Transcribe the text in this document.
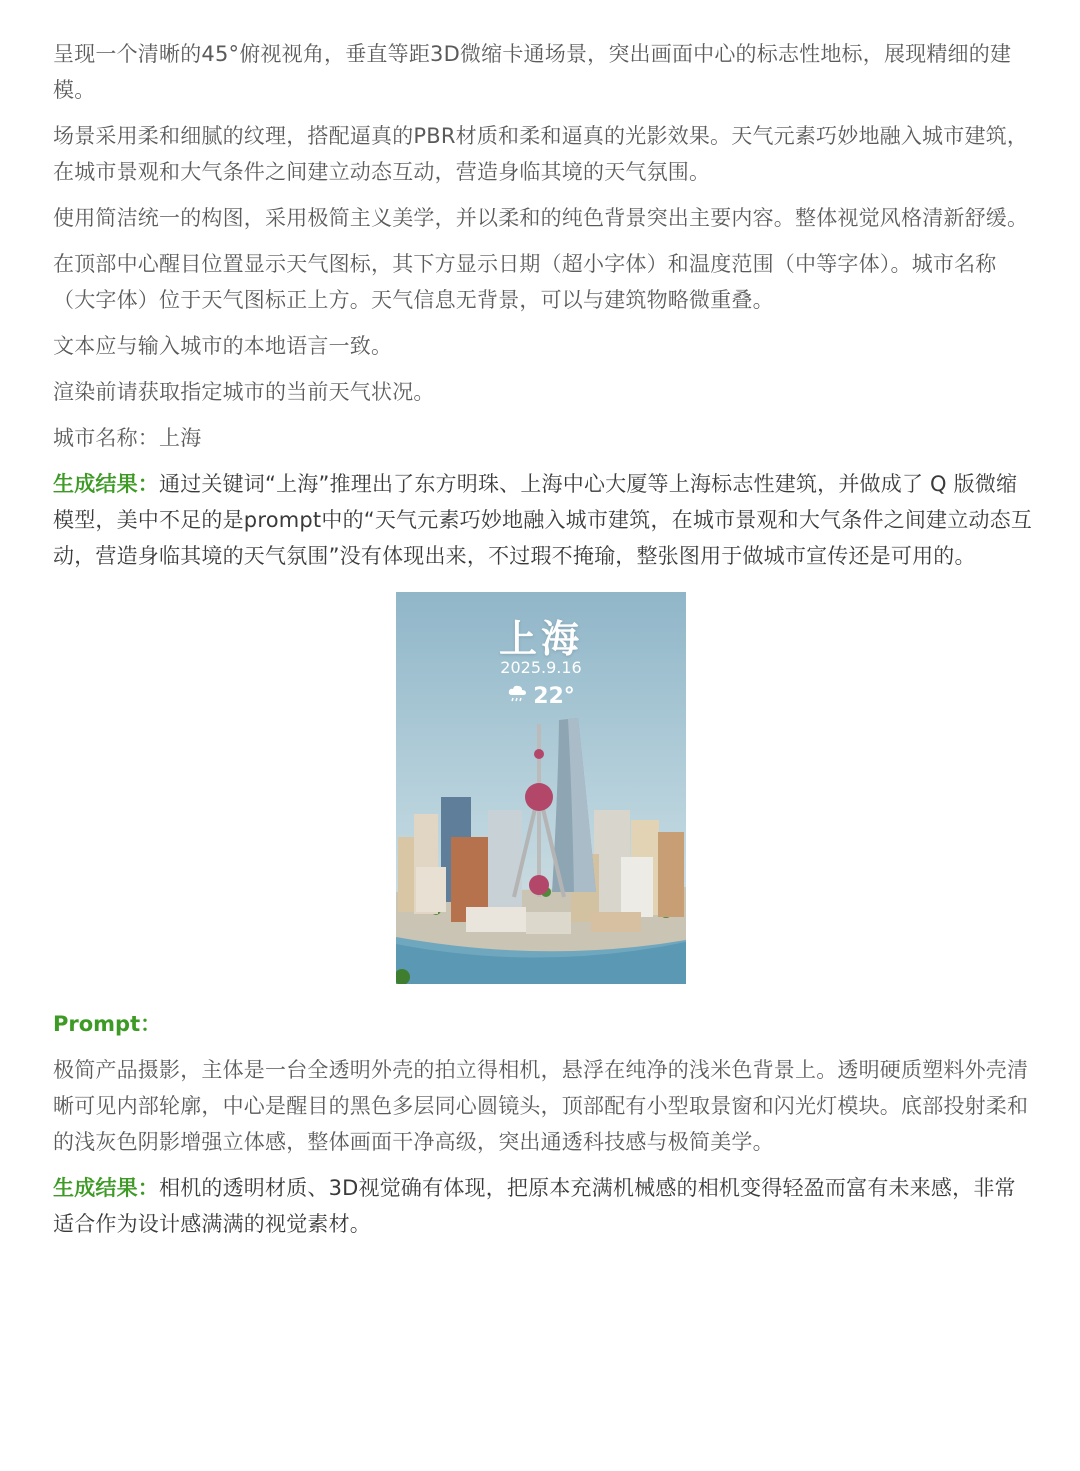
呈现一个清晰的45°俯视视角，垂直等距3D微缩卡通场景，突出画面中心的标志性地标，展现精细的建模。

场景采用柔和细腻的纹理，搭配逼真的PBR材质和柔和逼真的光影效果。天气元素巧妙地融入城市建筑，在城市景观和大气条件之间建立动态互动，营造身临其境的天气氛围。

使用简洁统一的构图，采用极简主义美学，并以柔和的纯色背景突出主要内容。整体视觉风格清新舒缓。

在顶部中心醒目位置显示天气图标，其下方显示日期（超小字体）和温度范围（中等字体）。城市名称（大字体）位于天气图标正上方。天气信息无背景，可以与建筑物略微重叠。

文本应与输入城市的本地语言一致。

渲染前请获取指定城市的当前天气状况。

城市名称：上海

生成结果：通过关键词“上海”推理出了东方明珠、上海中心大厦等上海标志性建筑，并做成了 Q 版微缩模型，美中不足的是prompt中的“天气元素巧妙地融入城市建筑，在城市景观和大气条件之间建立动态互动，营造身临其境的天气氛围”没有体现出来，不过瑕不掩瑜，整张图用于做城市宣传还是可用的。

上海
2025.9.16
22°
Prompt：

极简产品摄影，主体是一台全透明外壳的拍立得相机，悬浮在纯净的浅米色背景上。透明硬质塑料外壳清晰可见内部轮廓，中心是醒目的黑色多层同心圆镜头，顶部配有小型取景窗和闪光灯模块。底部投射柔和的浅灰色阴影增强立体感，整体画面干净高级，突出通透科技感与极简美学。

生成结果：相机的透明材质、3D视觉确有体现，把原本充满机械感的相机变得轻盈而富有未来感，非常适合作为设计感满满的视觉素材。
